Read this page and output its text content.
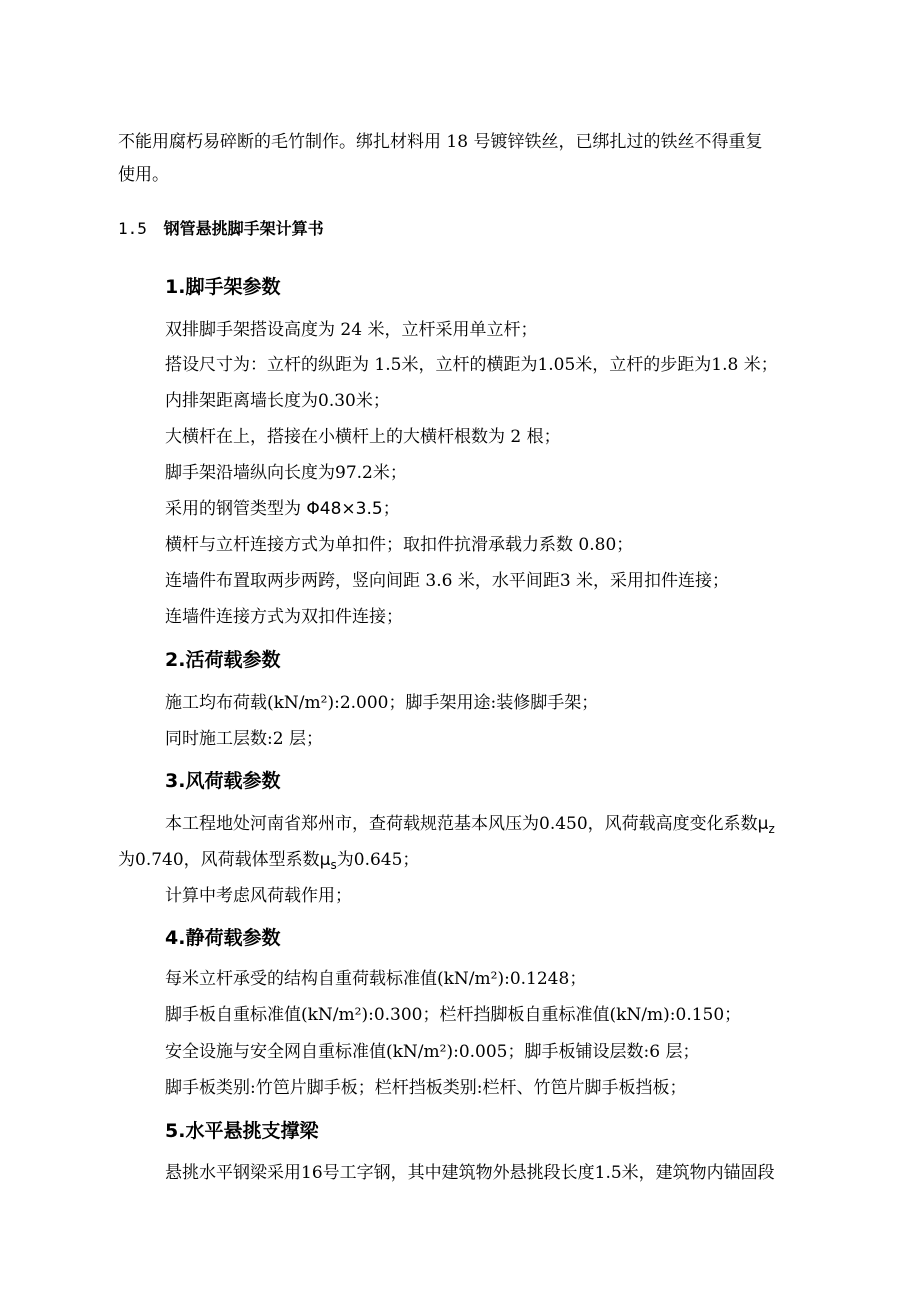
不能用腐朽易碎断的毛竹制作。绑扎材料用 18 号镀锌铁丝，已绑扎过的铁丝不得重复
使用。
1.5 钢管悬挑脚手架计算书
1.脚手架参数
双排脚手架搭设高度为 24 米，立杆采用单立杆；
搭设尺寸为：立杆的纵距为 1.5米，立杆的横距为1.05米，立杆的步距为1.8 米；
内排架距离墙长度为0.30米；
大横杆在上，搭接在小横杆上的大横杆根数为 2 根；
脚手架沿墙纵向长度为97.2米；
采用的钢管类型为 Φ48×3.5；
横杆与立杆连接方式为单扣件；取扣件抗滑承载力系数 0.80；
连墙件布置取两步两跨，竖向间距 3.6 米，水平间距3 米，采用扣件连接；
连墙件连接方式为双扣件连接；
2.活荷载参数
施工均布荷载(kN/m²):2.000；脚手架用途:装修脚手架；
同时施工层数:2 层；
3.风荷载参数
本工程地处河南省郑州市，查荷载规范基本风压为0.450，风荷载高度变化系数$\mu_z$
为0.740，风荷载体型系数$\mu_s$为0.645；
计算中考虑风荷载作用；
4.静荷载参数
每米立杆承受的结构自重荷载标准值(kN/m²):0.1248；
脚手板自重标准值(kN/m²):0.300；栏杆挡脚板自重标准值(kN/m):0.150；
安全设施与安全网自重标准值(kN/m²):0.005；脚手板铺设层数:6 层；
脚手板类别:竹笆片脚手板；栏杆挡板类别:栏杆、竹笆片脚手板挡板；
5.水平悬挑支撑梁
悬挑水平钢梁采用16号工字钢，其中建筑物外悬挑段长度1.5米，建筑物内锚固段
